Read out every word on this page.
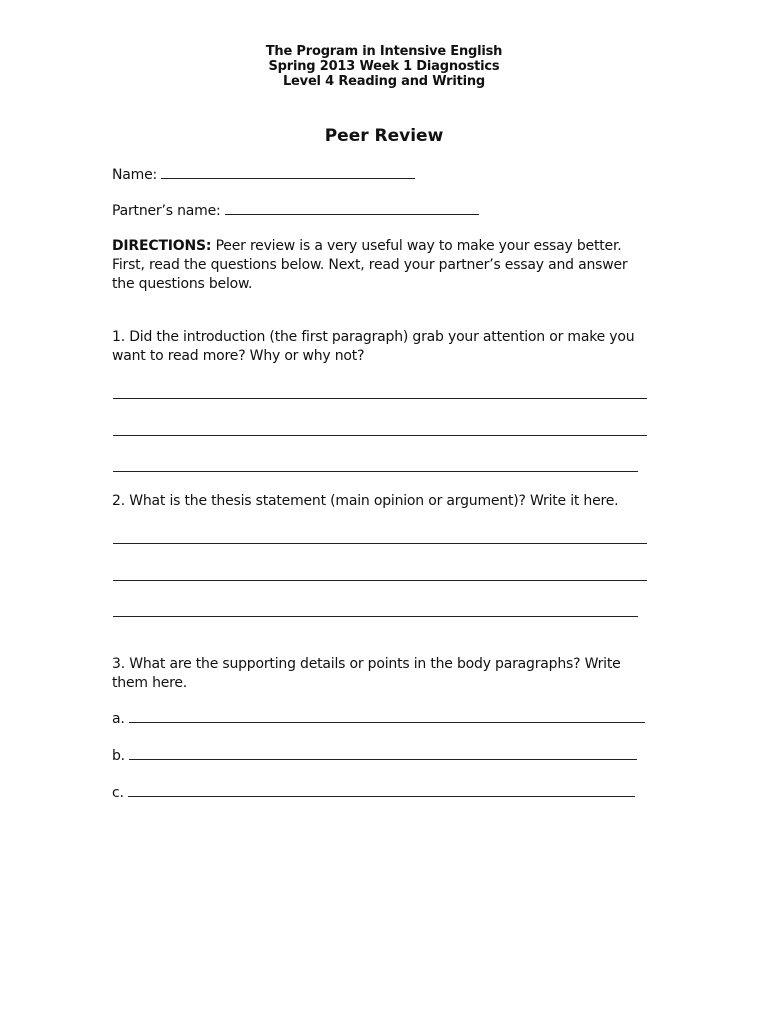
The Program in Intensive English
Spring 2013 Week 1 Diagnostics
Level 4 Reading and Writing
Peer Review
Name:
Partner’s name:
DIRECTIONS: Peer review is a very useful way to make your essay better. First, read the questions below. Next, read your partner’s essay and answer the questions below.
1. Did the introduction (the first paragraph) grab your attention or make you want to read more? Why or why not?
2. What is the thesis statement (main opinion or argument)? Write it here.
3. What are the supporting details or points in the body paragraphs? Write them here.
a.
b.
c.
